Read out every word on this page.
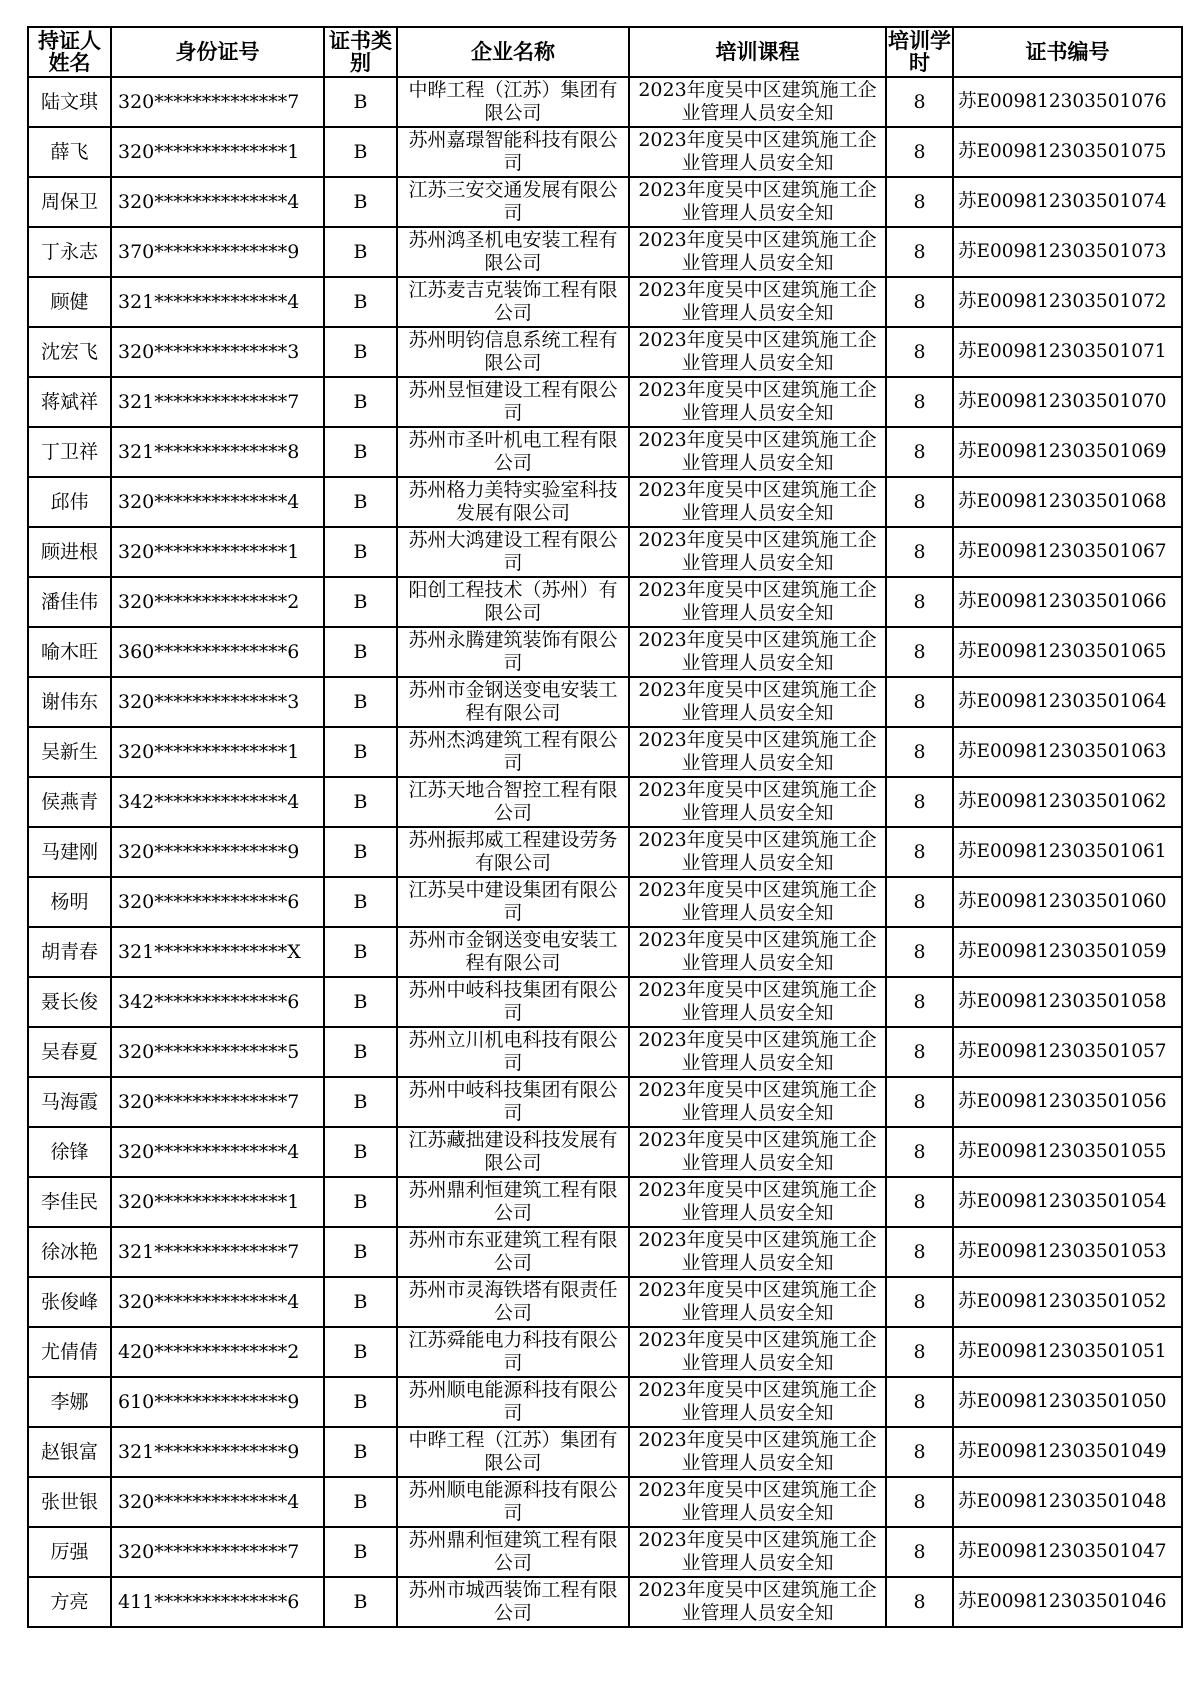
持证人姓名	身份证号	证书类别	企业名称	培训课程	培训学时	证书编号

陆文琪	320**************7	B	中晔工程（江苏）集团有限公司	2023年度吴中区建筑施工企业管理人员安全知	8	苏E009812303501076

薛飞	320**************1	B	苏州嘉璟智能科技有限公司	2023年度吴中区建筑施工企业管理人员安全知	8	苏E009812303501075

周保卫	320**************4	B	江苏三安交通发展有限公司	2023年度吴中区建筑施工企业管理人员安全知	8	苏E009812303501074

丁永志	370**************9	B	苏州鸿圣机电安装工程有限公司	2023年度吴中区建筑施工企业管理人员安全知	8	苏E009812303501073

顾健	321**************4	B	江苏麦吉克装饰工程有限公司	2023年度吴中区建筑施工企业管理人员安全知	8	苏E009812303501072

沈宏飞	320**************3	B	苏州明钧信息系统工程有限公司	2023年度吴中区建筑施工企业管理人员安全知	8	苏E009812303501071

蒋斌祥	321**************7	B	苏州昱恒建设工程有限公司	2023年度吴中区建筑施工企业管理人员安全知	8	苏E009812303501070

丁卫祥	321**************8	B	苏州市圣叶机电工程有限公司	2023年度吴中区建筑施工企业管理人员安全知	8	苏E009812303501069

邱伟	320**************4	B	苏州格力美特实验室科技发展有限公司	2023年度吴中区建筑施工企业管理人员安全知	8	苏E009812303501068

顾进根	320**************1	B	苏州大鸿建设工程有限公司	2023年度吴中区建筑施工企业管理人员安全知	8	苏E009812303501067

潘佳伟	320**************2	B	阳创工程技术（苏州）有限公司	2023年度吴中区建筑施工企业管理人员安全知	8	苏E009812303501066

喻木旺	360**************6	B	苏州永腾建筑装饰有限公司	2023年度吴中区建筑施工企业管理人员安全知	8	苏E009812303501065

谢伟东	320**************3	B	苏州市金钢送变电安装工程有限公司	2023年度吴中区建筑施工企业管理人员安全知	8	苏E009812303501064

吴新生	320**************1	B	苏州杰鸿建筑工程有限公司	2023年度吴中区建筑施工企业管理人员安全知	8	苏E009812303501063

侯燕青	342**************4	B	江苏天地合智控工程有限公司	2023年度吴中区建筑施工企业管理人员安全知	8	苏E009812303501062

马建刚	320**************9	B	苏州振邦威工程建设劳务有限公司	2023年度吴中区建筑施工企业管理人员安全知	8	苏E009812303501061

杨明	320**************6	B	江苏吴中建设集团有限公司	2023年度吴中区建筑施工企业管理人员安全知	8	苏E009812303501060

胡青春	321**************X	B	苏州市金钢送变电安装工程有限公司	2023年度吴中区建筑施工企业管理人员安全知	8	苏E009812303501059

聂长俊	342**************6	B	苏州中岐科技集团有限公司	2023年度吴中区建筑施工企业管理人员安全知	8	苏E009812303501058

吴春夏	320**************5	B	苏州立川机电科技有限公司	2023年度吴中区建筑施工企业管理人员安全知	8	苏E009812303501057

马海霞	320**************7	B	苏州中岐科技集团有限公司	2023年度吴中区建筑施工企业管理人员安全知	8	苏E009812303501056

徐锋	320**************4	B	江苏藏拙建设科技发展有限公司	2023年度吴中区建筑施工企业管理人员安全知	8	苏E009812303501055

李佳民	320**************1	B	苏州鼎利恒建筑工程有限公司	2023年度吴中区建筑施工企业管理人员安全知	8	苏E009812303501054

徐冰艳	321**************7	B	苏州市东亚建筑工程有限公司	2023年度吴中区建筑施工企业管理人员安全知	8	苏E009812303501053

张俊峰	320**************4	B	苏州市灵海铁塔有限责任公司	2023年度吴中区建筑施工企业管理人员安全知	8	苏E009812303501052

尤倩倩	420**************2	B	江苏舜能电力科技有限公司	2023年度吴中区建筑施工企业管理人员安全知	8	苏E009812303501051

李娜	610**************9	B	苏州顺电能源科技有限公司	2023年度吴中区建筑施工企业管理人员安全知	8	苏E009812303501050

赵银富	321**************9	B	中晔工程（江苏）集团有限公司	2023年度吴中区建筑施工企业管理人员安全知	8	苏E009812303501049

张世银	320**************4	B	苏州顺电能源科技有限公司	2023年度吴中区建筑施工企业管理人员安全知	8	苏E009812303501048

厉强	320**************7	B	苏州鼎利恒建筑工程有限公司	2023年度吴中区建筑施工企业管理人员安全知	8	苏E009812303501047

方亮	411**************6	B	苏州市城西装饰工程有限公司	2023年度吴中区建筑施工企业管理人员安全知	8	苏E009812303501046
